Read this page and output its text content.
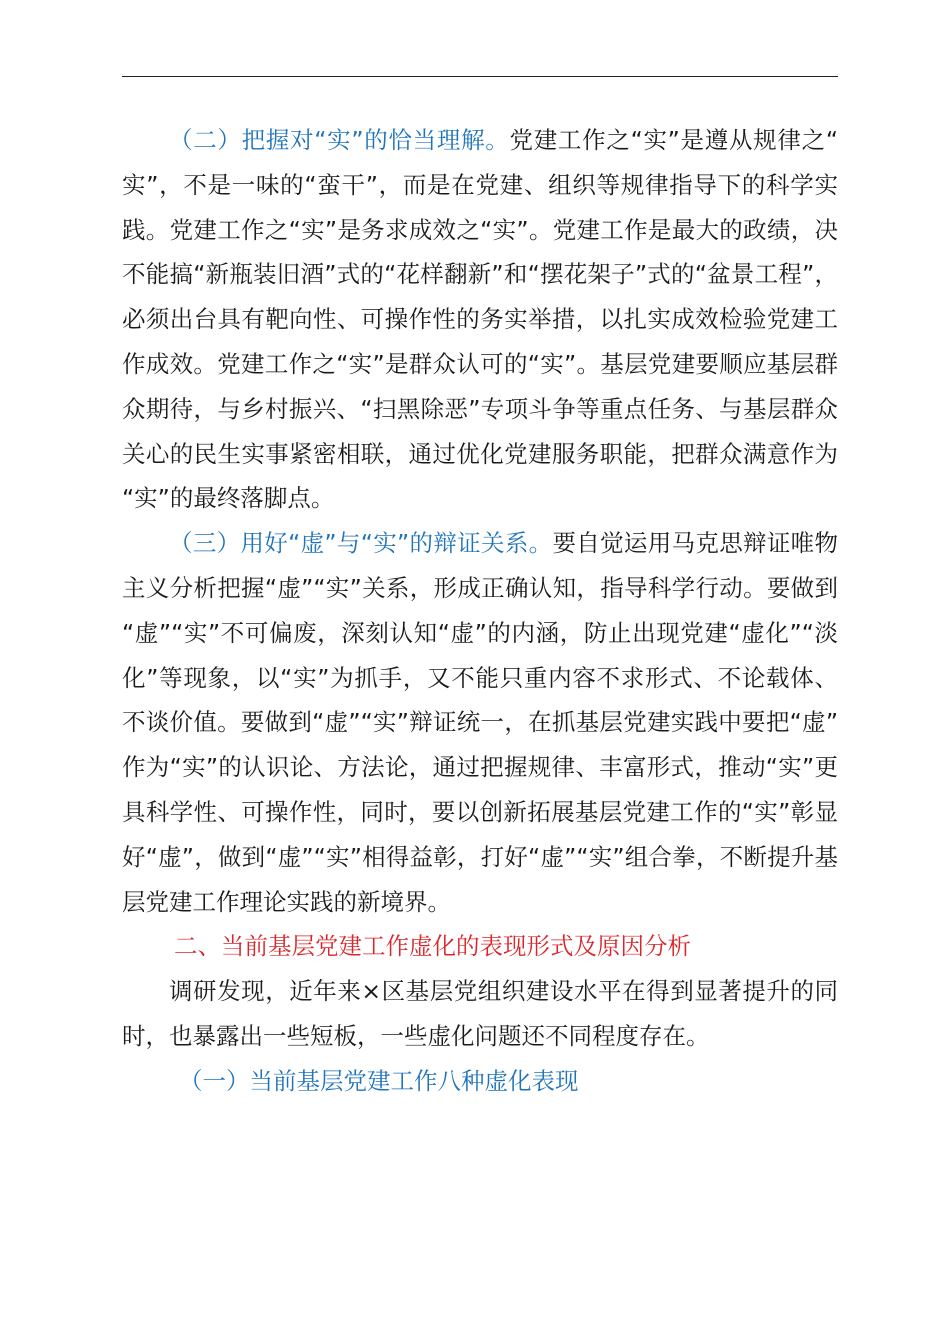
（二）把握对“实”的恰当理解。党建工作之“实”是遵从规律之“实”，不是一味的“蛮干”，而是在党建、组织等规律指导下的科学实践。党建工作之“实”是务求成效之“实”。党建工作是最大的政绩，决不能搞“新瓶装旧酒”式的“花样翻新”和“摆花架子”式的“盆景工程”，必须出台具有靶向性、可操作性的务实举措，以扎实成效检验党建工作成效。党建工作之“实”是群众认可的“实”。基层党建要顺应基层群众期待，与乡村振兴、“扫黑除恶”专项斗争等重点任务、与基层群众关心的民生实事紧密相联，通过优化党建服务职能，把群众满意作为“实”的最终落脚点。

（三）用好“虚”与“实”的辩证关系。要自觉运用马克思辩证唯物主义分析把握“虚”“实”关系，形成正确认知，指导科学行动。要做到“虚”“实”不可偏废，深刻认知“虚”的内涵，防止出现党建“虚化”“淡化”等现象，以“实”为抓手，又不能只重内容不求形式、不论载体、不谈价值。要做到“虚”“实”辩证统一，在抓基层党建实践中要把“虚”作为“实”的认识论、方法论，通过把握规律、丰富形式，推动“实”更具科学性、可操作性，同时，要以创新拓展基层党建工作的“实”彰显好“虚”，做到“虚”“实”相得益彰，打好“虚”“实”组合拳，不断提升基层党建工作理论实践的新境界。

二、当前基层党建工作虚化的表现形式及原因分析

调研发现，近年来×区基层党组织建设水平在得到显著提升的同时，也暴露出一些短板，一些虚化问题还不同程度存在。

（一）当前基层党建工作八种虚化表现
